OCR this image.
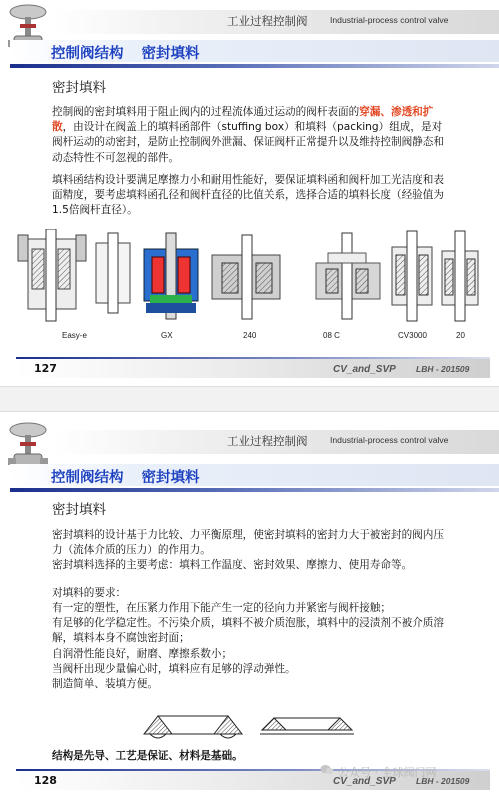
工业过程控制阀	Industrial-process control valve
控制阀结构 密封填料
密封填料

控制阀的密封填料用于阻止阀内的过程流体通过运动的阀杆表面的穿漏、渗透和扩散，由设计在阀盖上的填料函部件（stuffing box）和填料（packing）组成，是对阀杆运动的动密封，是防止控制阀外泄漏、保证阀杆正常提升以及维持控制阀静态和动态特性不可忽视的部件。

填料函结构设计要满足摩擦力小和耐用性能好，要保证填料函和阀杆加工光洁度和表面精度，要考虑填料函孔径和阀杆直径的比值关系，选择合适的填料长度（经验值为1.5倍阀杆直径）。

Easy-e	GX	240	08 C	CV3000	20
127	CV_and_SVP LBH - 201509
工业过程控制阀	Industrial-process control valve
控制阀结构 密封填料
密封填料

密封填料的设计基于力比较、力平衡原理，使密封填料的密封力大于被密封的阀内压力（流体介质的压力）的作用力。

密封填料选择的主要考虑：填料工作温度、密封效果、摩擦力、使用寿命等。

对填料的要求：

有一定的塑性，在压紧力作用下能产生一定的径向力并紧密与阀杆接触；

有足够的化学稳定性。不污染介质，填料不被介质泡胀，填料中的浸渍剂不被介质溶解，填料本身不腐蚀密封面；

自润滑性能良好，耐磨、摩擦系数小；

当阀杆出现少量偏心时，填料应有足够的浮动弹性。

制造简单、装填方便。

结构是先导、工艺是保证、材料是基础。
128	CV_and_SVP LBH - 201509
公众号 · 全球阀门网
